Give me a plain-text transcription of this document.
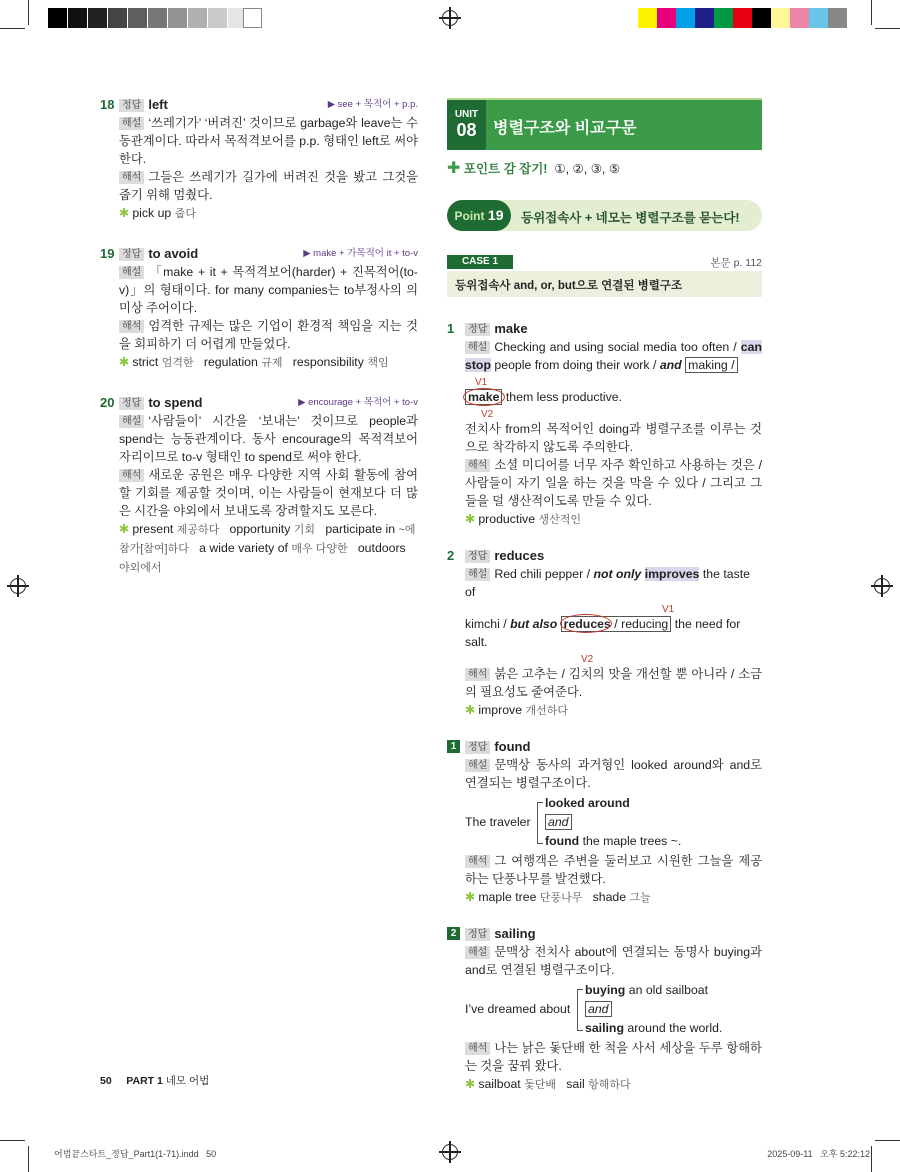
18	▶ see + 목적어 + p.p.
정답 left
해설 ‘쓰레기가’ ‘버려진’ 것이므로 garbage와 leave는 수동관계이다. 따라서 목적격보어를 p.p. 형태인 left로 써야 한다.
해석 그들은 쓰레기가 길가에 버려진 것을 봤고 그것을 줍기 위해 멈췄다.
✱ pick up 줍다
19	▶ make + 가목적어 it + to-v
정답 to avoid
해설 「make + it + 목적격보어(harder) + 진목적어(to-v)」의 형태이다. for many companies는 to부정사의 의미상 주어이다.
해석 엄격한 규제는 많은 기업이 환경적 책임을 지는 것을 회피하기 더 어렵게 만들었다.
✱ strict 엄격한 regulation 규제 responsibility 책임
20	▶ encourage + 목적어 + to-v
정답 to spend
해설 ‘사람들이’ 시간을 ‘보내는’ 것이므로 people과 spend는 능동관계이다. 동사 encourage의 목적격보어 자리이므로 to-v 형태인 to spend로 써야 한다.
해석 새로운 공원은 매우 다양한 지역 사회 활동에 참여할 기회를 제공할 것이며, 이는 사람들이 현재보다 더 많은 시간을 야외에서 보내도록 장려할지도 모른다.
✱ present 제공하다 opportunity 기회 participate in ~에 참가[참여]하다 a wide variety of 매우 다양한 outdoors 야외에서
UNIT
08	병렬구조와 비교구문
✚ 포인트 감 잡기! ①, ②, ③, ⑤
Point 19	등위접속사 + 네모는 병렬구조를 묻는다!
CASE 1	본문 p. 112
등위접속사 and, or, but으로 연결된 병렬구조
1	정답 make
해설 Checking and using social media too often / can stop people from doing their work / and making /
V1
make them less productive.
V2
전치사 from의 목적어인 doing과 병렬구조를 이루는 것으로 착각하지 않도록 주의한다.
해석 소셜 미디어를 너무 자주 확인하고 사용하는 것은 / 사람들이 자기 일을 하는 것을 막을 수 있다 / 그리고 그들을 덜 생산적이도록 만들 수 있다.
✱ productive 생산적인
2	정답 reduces
해설 Red chili pepper / not only improves the taste of
V1
kimchi / but also reduces / reducing the need for salt.
V2
해석 붉은 고추는 / 김치의 맛을 개선할 뿐 아니라 / 소금의 필요성도 줄여준다.
✱ improve 개선하다
1	정답 found
해설 문맥상 동사의 과거형인 looked around와 and로 연결되는 병렬구조이다.
The traveler
looked around
and
found the maple trees ~.
해석 그 여행객은 주변을 둘러보고 시원한 그늘을 제공하는 단풍나무를 발견했다.
✱ maple tree 단풍나무 shade 그늘
2	정답 sailing
해설 문맥상 전치사 about에 연결되는 동명사 buying과 and로 연결된 병렬구조이다.
I’ve dreamed about
buying an old sailboat
and
sailing around the world.
해석 나는 낡은 돛단배 한 척을 사서 세상을 두루 항해하는 것을 꿈꿔 왔다.
✱ sailboat 돛단배 sail 항해하다
50 PART 1 네모 어법
어법끝스타트_정답_Part1(1-71).indd   50	2025-09-11   오후 5:22:12
